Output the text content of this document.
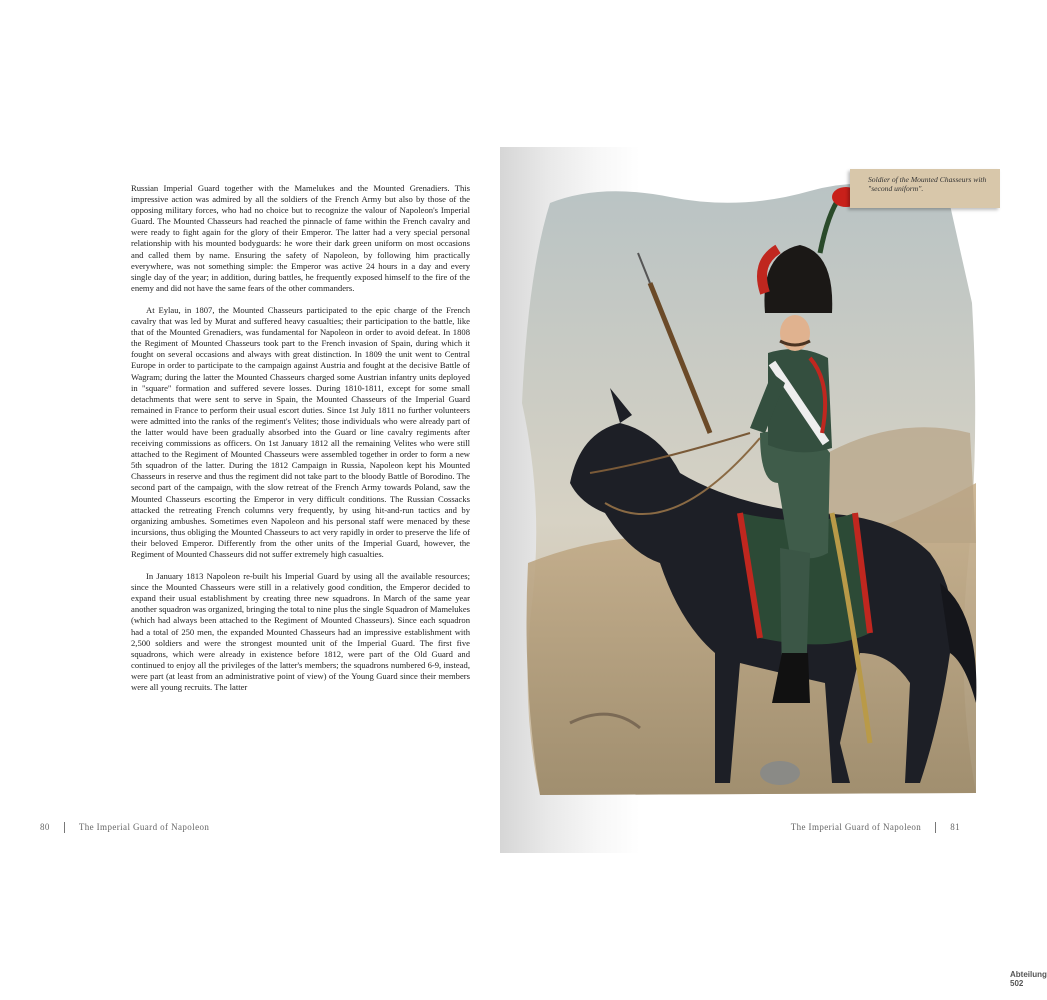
Russian Imperial Guard together with the Mamelukes and the Mounted Grenadiers. This impressive action was admired by all the soldiers of the French Army but also by those of the opposing military forces, who had no choice but to recognize the valour of Napoleon's Imperial Guard. The Mounted Chasseurs had reached the pinnacle of fame within the French cavalry and were ready to fight again for the glory of their Emperor. The latter had a very special personal relationship with his mounted bodyguards: he wore their dark green uniform on most occasions and called them by name. Ensuring the safety of Napoleon, by following him practically everywhere, was not something simple: the Emperor was active 24 hours in a day and every single day of the year; in addition, during battles, he frequently exposed himself to the fire of the enemy and did not have the same fears of the other commanders.

At Eylau, in 1807, the Mounted Chasseurs participated to the epic charge of the French cavalry that was led by Murat and suffered heavy casualties; their participation to the battle, like that of the Mounted Grenadiers, was fundamental for Napoleon in order to avoid defeat. In 1808 the Regiment of Mounted Chasseurs took part to the French invasion of Spain, during which it fought on several occasions and always with great distinction. In 1809 the unit went to Central Europe in order to participate to the campaign against Austria and fought at the decisive Battle of Wagram; during the latter the Mounted Chasseurs charged some Austrian infantry units deployed in "square" formation and suffered severe losses. During 1810-1811, except for some small detachments that were sent to serve in Spain, the Mounted Chasseurs of the Imperial Guard remained in France to perform their usual escort duties. Since 1st July 1811 no further volunteers were admitted into the ranks of the regiment's Velites; those individuals who were already part of the latter would have been gradually absorbed into the Guard or line cavalry regiments after receiving commissions as officers. On 1st January 1812 all the remaining Velites who were still attached to the Regiment of Mounted Chasseurs were assembled together in order to form a new 5th squadron of the latter. During the 1812 Campaign in Russia, Napoleon kept his Mounted Chasseurs in reserve and thus the regiment did not take part to the bloody Battle of Borodino. The second part of the campaign, with the slow retreat of the French Army towards Poland, saw the Mounted Chasseurs escorting the Emperor in very difficult conditions. The Russian Cossacks attacked the retreating French columns very frequently, by using hit-and-run tactics and by organizing ambushes. Sometimes even Napoleon and his personal staff were menaced by these incursions, thus obliging the Mounted Chasseurs to act very rapidly in order to preserve the life of their beloved Emperor. Differently from the other units of the Imperial Guard, however, the Regiment of Mounted Chasseurs did not suffer extremely high casualties.

In January 1813 Napoleon re-built his Imperial Guard by using all the available resources; since the Mounted Chasseurs were still in a relatively good condition, the Emperor decided to expand their usual establishment by creating three new squadrons. In March of the same year another squadron was organized, bringing the total to nine plus the single Squadron of Mamelukes (which had always been attached to the Regiment of Mounted Chasseurs). Since each squadron had a total of 250 men, the expanded Mounted Chasseurs had an impressive establishment with 2,500 soldiers and were the strongest mounted unit of the Imperial Guard. The first five squadrons, which were already in existence before 1812, were part of the Old Guard and continued to enjoy all the privileges of the latter's members; the squadrons numbered 6-9, instead, were part (at least from an administrative point of view) of the Young Guard since their members were all young recruits. The latter

Abteilung 502
Soldier of the Mounted Chasseurs with "second uniform".
80	The Imperial Guard of Napoleon	The Imperial Guard of Napoleon	81
